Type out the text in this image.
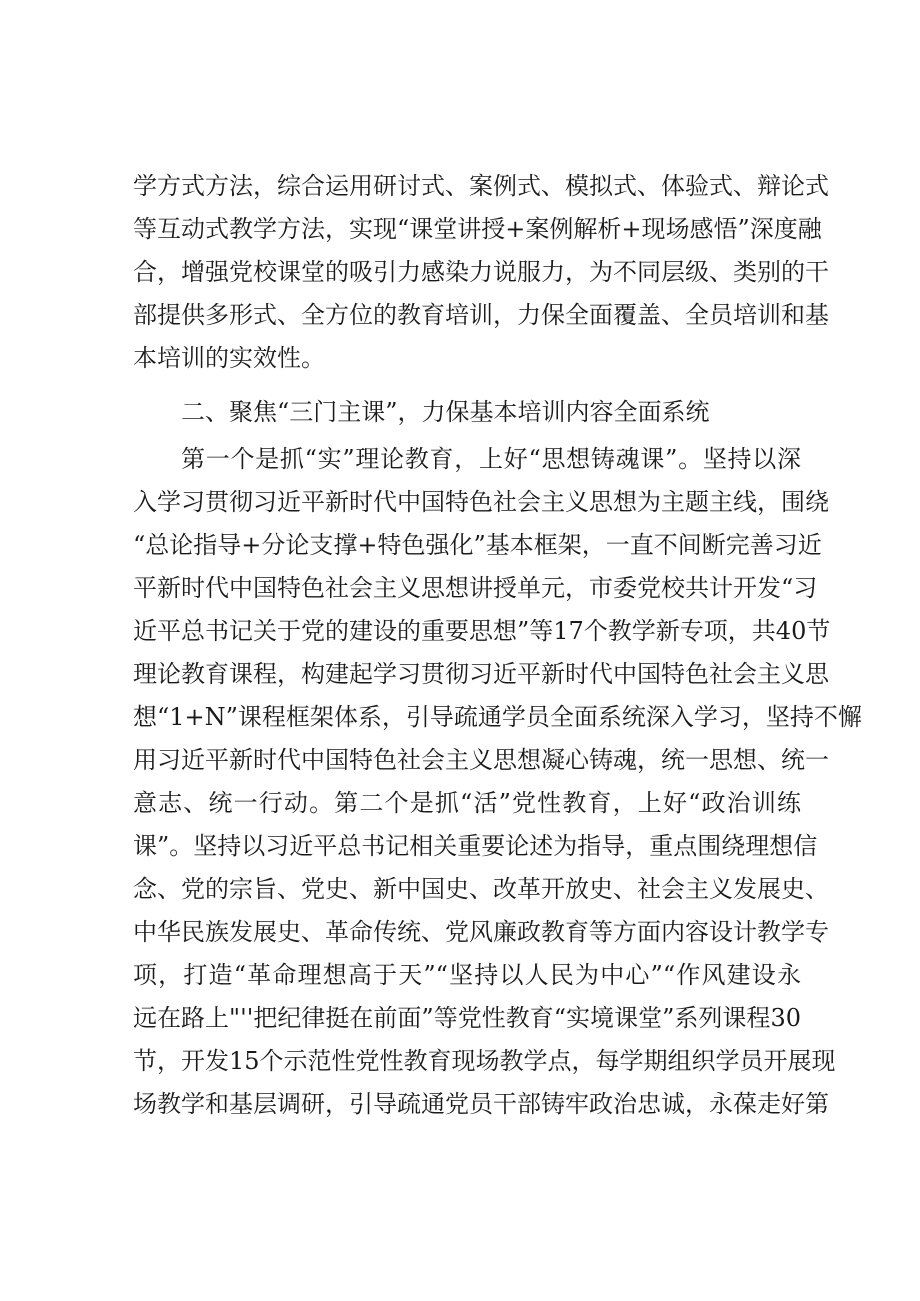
学方式方法，综合运用研讨式、案例式、模拟式、体验式、辩论式
等互动式教学方法，实现“课堂讲授+案例解析+现场感悟”深度融
合，增强党校课堂的吸引力感染力说服力，为不同层级、类别的干
部提供多形式、全方位的教育培训，力保全面覆盖、全员培训和基
本培训的实效性。
二、聚焦“三门主课”，力保基本培训内容全面系统
第一个是抓“实”理论教育，上好“思想铸魂课”。坚持以深
入学习贯彻习近平新时代中国特色社会主义思想为主题主线，围绕
“总论指导+分论支撑+特色强化”基本框架，一直不间断完善习近
平新时代中国特色社会主义思想讲授单元，市委党校共计开发“习
近平总书记关于党的建设的重要思想”等17个教学新专项，共40节
理论教育课程，构建起学习贯彻习近平新时代中国特色社会主义思
想“1+N”课程框架体系，引导疏通学员全面系统深入学习，坚持不懈
用习近平新时代中国特色社会主义思想凝心铸魂，统一思想、统一
意志、统一行动。第二个是抓“活”党性教育，上好“政治训练
课”。坚持以习近平总书记相关重要论述为指导，重点围绕理想信
念、党的宗旨、党史、新中国史、改革开放史、社会主义发展史、
中华民族发展史、革命传统、党风廉政教育等方面内容设计教学专
项，打造“革命理想高于天”“坚持以人民为中心”“作风建设永
远在路上"''把纪律挺在前面”等党性教育“实境课堂”系列课程30
节，开发15个示范性党性教育现场教学点，每学期组织学员开展现
场教学和基层调研，引导疏通党员干部铸牢政治忠诚，永葆走好第
